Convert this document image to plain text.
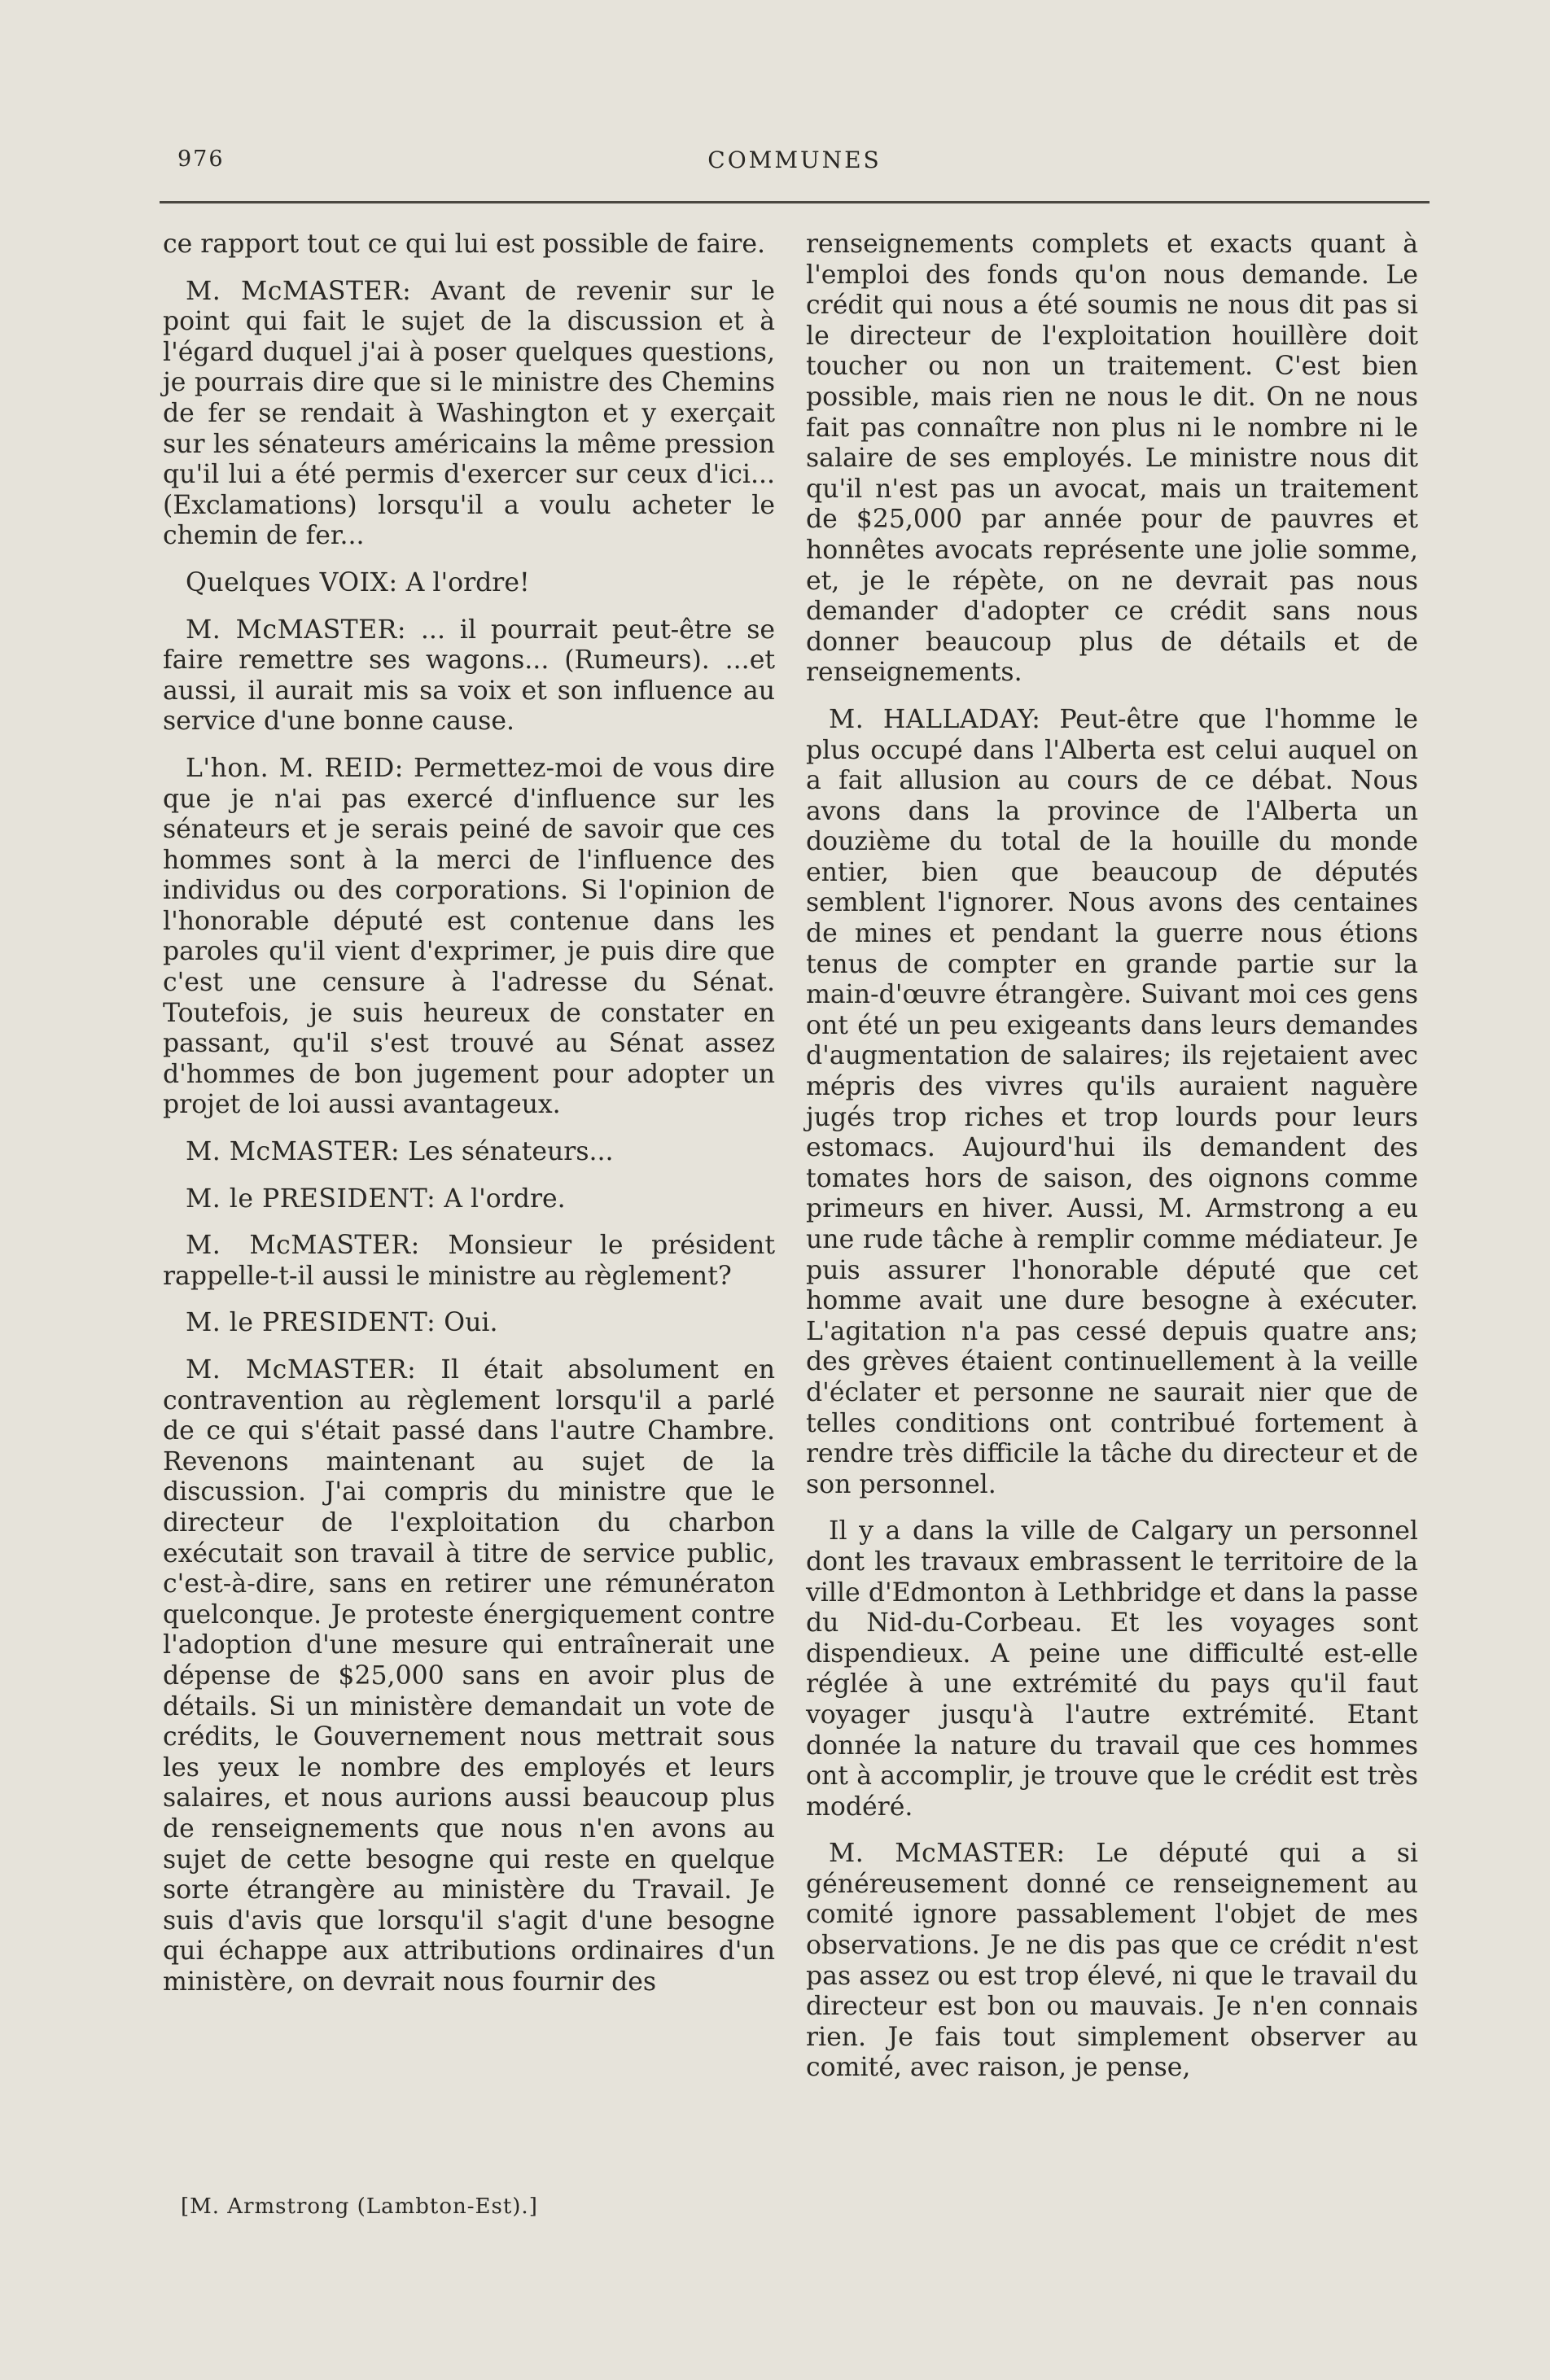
976	COMMUNES

ce rapport tout ce qui lui est possible de faire.

M. McMASTER: Avant de revenir sur le point qui fait le sujet de la discussion et à l'égard duquel j'ai à poser quelques questions, je pourrais dire que si le ministre des Chemins de fer se rendait à Washington et y exerçait sur les sénateurs américains la même pression qu'il lui a été permis d'exercer sur ceux d'ici... (Exclamations) lorsqu'il a voulu acheter le chemin de fer...

Quelques VOIX: A l'ordre!

M. McMASTER: ... il pourrait peut-être se faire remettre ses wagons... (Rumeurs). ...et aussi, il aurait mis sa voix et son influence au service d'une bonne cause.

L'hon. M. REID: Permettez-moi de vous dire que je n'ai pas exercé d'influence sur les sénateurs et je serais peiné de savoir que ces hommes sont à la merci de l'influence des individus ou des corporations. Si l'opinion de l'honorable député est contenue dans les paroles qu'il vient d'exprimer, je puis dire que c'est une censure à l'adresse du Sénat. Toutefois, je suis heureux de constater en passant, qu'il s'est trouvé au Sénat assez d'hommes de bon jugement pour adopter un projet de loi aussi avantageux.

M. McMASTER: Les sénateurs...

M. le PRESIDENT: A l'ordre.

M. McMASTER: Monsieur le président rappelle-t-il aussi le ministre au règlement?

M. le PRESIDENT: Oui.

M. McMASTER: Il était absolument en contravention au règlement lorsqu'il a parlé de ce qui s'était passé dans l'autre Chambre. Revenons maintenant au sujet de la discussion. J'ai compris du ministre que le directeur de l'exploitation du charbon exécutait son travail à titre de service public, c'est-à-dire, sans en retirer une rémunératon quelconque. Je proteste énergiquement contre l'adoption d'une mesure qui entraînerait une dépense de $25,000 sans en avoir plus de détails. Si un ministère demandait un vote de crédits, le Gouvernement nous mettrait sous les yeux le nombre des employés et leurs salaires, et nous aurions aussi beaucoup plus de renseignements que nous n'en avons au sujet de cette besogne qui reste en quelque sorte étrangère au ministère du Travail. Je suis d'avis que lorsqu'il s'agit d'une besogne qui échappe aux attributions ordinaires d'un ministère, on devrait nous fournir des

renseignements complets et exacts quant à l'emploi des fonds qu'on nous demande. Le crédit qui nous a été soumis ne nous dit pas si le directeur de l'exploitation houillère doit toucher ou non un traitement. C'est bien possible, mais rien ne nous le dit. On ne nous fait pas connaître non plus ni le nombre ni le salaire de ses employés. Le ministre nous dit qu'il n'est pas un avocat, mais un traitement de $25,000 par année pour de pauvres et honnêtes avocats représente une jolie somme, et, je le répète, on ne devrait pas nous demander d'adopter ce crédit sans nous donner beaucoup plus de détails et de renseignements.

M. HALLADAY: Peut-être que l'homme le plus occupé dans l'Alberta est celui auquel on a fait allusion au cours de ce débat. Nous avons dans la province de l'Alberta un douzième du total de la houille du monde entier, bien que beaucoup de députés semblent l'ignorer. Nous avons des centaines de mines et pendant la guerre nous étions tenus de compter en grande partie sur la main-d'œuvre étrangère. Suivant moi ces gens ont été un peu exigeants dans leurs demandes d'augmentation de salaires; ils rejetaient avec mépris des vivres qu'ils auraient naguère jugés trop riches et trop lourds pour leurs estomacs. Aujourd'hui ils demandent des tomates hors de saison, des oignons comme primeurs en hiver. Aussi, M. Armstrong a eu une rude tâche à remplir comme médiateur. Je puis assurer l'honorable député que cet homme avait une dure besogne à exécuter. L'agitation n'a pas cessé depuis quatre ans; des grèves étaient continuellement à la veille d'éclater et personne ne saurait nier que de telles conditions ont contribué fortement à rendre très difficile la tâche du directeur et de son personnel.

Il y a dans la ville de Calgary un personnel dont les travaux embrassent le territoire de la ville d'Edmonton à Lethbridge et dans la passe du Nid-du-Corbeau. Et les voyages sont dispendieux. A peine une difficulté est-elle réglée à une extrémité du pays qu'il faut voyager jusqu'à l'autre extrémité. Etant donnée la nature du travail que ces hommes ont à accomplir, je trouve que le crédit est très modéré.

M. McMASTER: Le député qui a si généreusement donné ce renseignement au comité ignore passablement l'objet de mes observations. Je ne dis pas que ce crédit n'est pas assez ou est trop élevé, ni que le travail du directeur est bon ou mauvais. Je n'en connais rien. Je fais tout simplement observer au comité, avec raison, je pense,

[M. Armstrong (Lambton-Est).]
